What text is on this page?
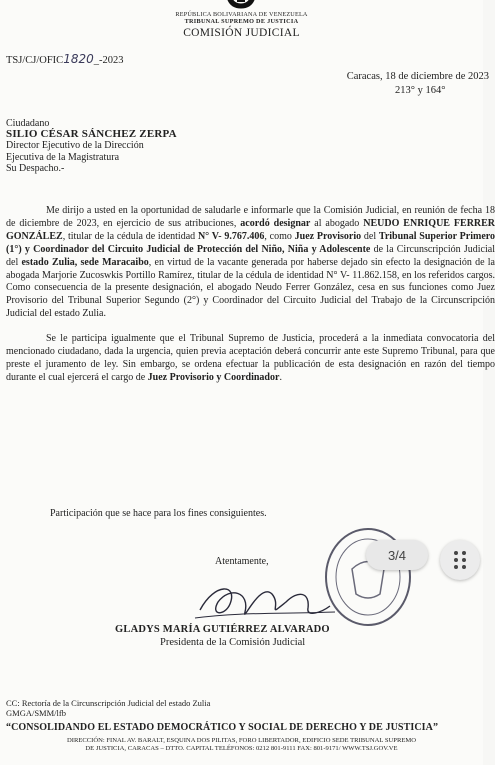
REPÚBLICA BOLIVARIANA DE VENEZUELA
TRIBUNAL SUPREMO DE JUSTICIA
COMISIÓN JUDICIAL
TSJ/CJ/OFIC1820_-2023
Caracas, 18 de diciembre de 2023
213° y 164°
Ciudadano
SILIO CÉSAR SÁNCHEZ ZERPA
Director Ejecutivo de la Dirección
Ejecutiva de la Magistratura
Su Despacho.-

Me dirijo a usted en la oportunidad de saludarle e informarle que la Comisión Judicial, en reunión de fecha 18 de diciembre de 2023, en ejercicio de sus atribuciones, acordó designar al abogado NEUDO ENRIQUE FERRER GONZÁLEZ, titular de la cédula de identidad N° V- 9.767.406, como Juez Provisorio del Tribunal Superior Primero (1°) y Coordinador del Circuito Judicial de Protección del Niño, Niña y Adolescente de la Circunscripción Judicial del estado Zulia, sede Maracaibo, en virtud de la vacante generada por haberse dejado sin efecto la designación de la abogada Marjorie Zucoswkis Portillo Ramírez, titular de la cédula de identidad N° V- 11.862.158, en los referidos cargos. Como consecuencia de la presente designación, el abogado Neudo Ferrer González, cesa en sus funciones como Juez Provisorio del Tribunal Superior Segundo (2°) y Coordinador del Circuito Judicial del Trabajo de la Circunscripción Judicial del estado Zulia.

Se le participa igualmente que el Tribunal Supremo de Justicia, procederá a la inmediata convocatoria del mencionado ciudadano, dada la urgencia, quien previa aceptación deberá concurrir ante este Supremo Tribunal, para que preste el juramento de ley. Sin embargo, se ordena efectuar la publicación de esta designación en razón del tiempo durante el cual ejercerá el cargo de Juez Provisorio y Coordinador.

Participación que se hace para los fines consiguientes.
Atentamente,
GLADYS MARÍA GUTIÉRREZ ALVARADO
Presidenta de la Comisión Judicial
CC: Rectoría de la Circunscripción Judicial del estado Zulia
GMGA/SMM/lfb
“CONSOLIDANDO EL ESTADO DEMOCRÁTICO Y SOCIAL DE DERECHO Y DE JUSTICIA”
DIRECCIÓN: FINAL AV. BARALT, ESQUINA DOS PILITAS, FORO LIBERTADOR, EDIFICIO SEDE TRIBUNAL SUPREMO
DE JUSTICIA, CARACAS – DTTO. CAPITAL TELÉFONOS: 0212 801-9111 FAX: 801-9171/ WWW.TSJ.GOV.VE
3/4
